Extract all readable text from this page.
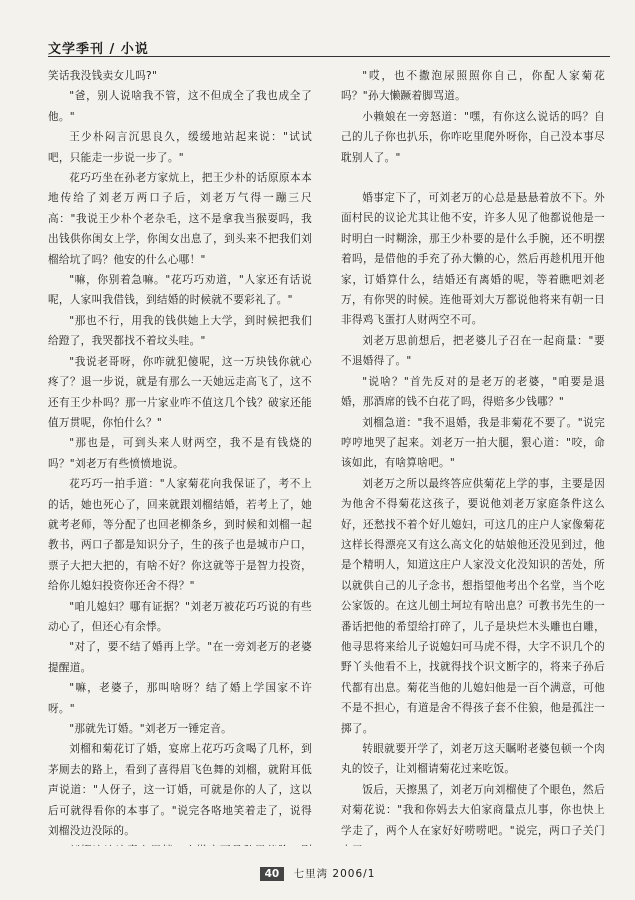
文学季刊 / 小说

笑话我没钱卖女儿吗?"

"爸，别人说啥我不管，这不但成全了我也成全了他。"

王少朴闷言沉思良久，缓缓地站起来说："试试吧，只能走一步说一步了。"

花巧巧坐在孙老方家炕上，把王少朴的话原原本本地传给了刘老万两口子后，刘老万气得一蹦三尺高："我说王少朴个老杂毛，这不是拿我当猴耍吗，我出钱供你闺女上学，你闺女出息了，到头来不把我们刘榴给坑了吗？他安的什么心哪！"

"嘛，你别着急嘛。"花巧巧劝道，"人家还有话说呢，人家叫我借钱，到结婚的时候就不要彩礼了。"

"那也不行，用我的钱供她上大学，到时候把我们给蹬了，我哭都找不着坟头哇。"

"我说老哥呀，你咋就犯傻呢，这一万块钱你就心疼了？退一步说，就是有那么一天她远走高飞了，这不还有王少朴吗？那一片家业咋不值这几个钱？破家还能值万贯呢，你怕什么？"

"那也是，可到头来人财两空，我不是有钱烧的吗？"刘老万有些愤愤地说。

花巧巧一拍手道："人家菊花向我保证了，考不上的话，她也死心了，回来就跟刘榴结婚，若考上了，她就考老师，等分配了也回老柳条乡，到时候和刘榴一起教书，两口子都是知识分子，生的孩子也是城市户口，票子大把大把的，有啥不好？你这就等于是智力投资，给你儿媳妇投资你还舍不得？"

"咱儿媳妇？哪有证据？"刘老万被花巧巧说的有些动心了，但还心有余悸。

"对了，要不结了婚再上学。"在一旁刘老万的老婆提醒道。

"嘛，老婆子，那叫啥呀？结了婚上学国家不许呀。"

"那就先订婚。"刘老万一锤定音。

刘榴和菊花订了婚，宴席上花巧巧贪喝了几杯，到茅厕去的路上，看到了喜得眉飞色舞的刘榴，就附耳低声说道："人伢子，这一订婚，可就是你的人了，这以后可就得看你的本事了。"说完各咯地笑着走了，说得刘榴没边没际的。

"哎，也不撒泡尿照照你自己，你配人家菊花吗？"孙大懒蹶着脚骂道。

小赖娘在一旁怒道："嘿，有你这么说话的吗？自己的儿子你也扒乐，你咋吃里爬外呀你，自己没本事尽耽别人了。"

婚事定下了，可刘老万的心总是悬悬着放不下。外面村民的议论尤其让他不安，许多人见了他都说他是一时明白一时糊涂，那王少朴要的是什么手腕，还不明摆着吗，是借他的手充了孙大懒的心，然后再趁机甩开他家，订婚算什么，结婚还有离婚的呢，等着瞧吧刘老万，有你哭的时候。连他哥刘大万都说他将来有朝一日非得鸡飞蛋打人财两空不可。

刘老万思前想后，把老婆儿子召在一起商量："要不退婚得了。"

"说啥？"首先反对的是老万的老婆，"咱要是退婚，那酒席的钱不白花了吗，得赔多少钱哪？"

刘榴急道："我不退婚，我是非菊花不要了。"说完哼哼地哭了起来。刘老万一拍大腿，狠心道："咬，命该如此，有啥算啥吧。"

刘老万之所以最终答应供菊花上学的事，主要是因为他舍不得菊花这孩子，要说他刘老万家庭条件这么好，还愁找不着个好儿媳妇，可这几的庄户人家像菊花这样长得漂亮又有这么高文化的姑娘他还没见到过，他是个精明人，知道这庄户人家没文化没知识的苦处，所以就供自己的儿子念书，想指望他考出个名堂，当个吃公家饭的。在这儿刨土坷垃有啥出息？可教书先生的一番话把他的希望给打碎了，儿子是块烂木头雕也白雕，他寻思将来给儿子说媳妇可马虎不得，大字不识几个的野丫头他看不上，找就得找个识文断字的，将来子孙后代都有出息。菊花当他的儿媳妇他是一百个满意，可他不是不担心，有道是舍不得孩子套不住狼，他是孤注一掷了。

转眼就要开学了，刘老万这天瞩咐老婆包顿一个肉丸的饺子，让刘榴请菊花过来吃饭。

饭后，天擦黑了，刘老万向刘榴使了个眼色，然后对菊花说："我和你妈去大伯家商量点儿事，你也快上学走了，两个人在家好好唠唠吧。"说完，两口子关门

40 七里湾 2006/1
